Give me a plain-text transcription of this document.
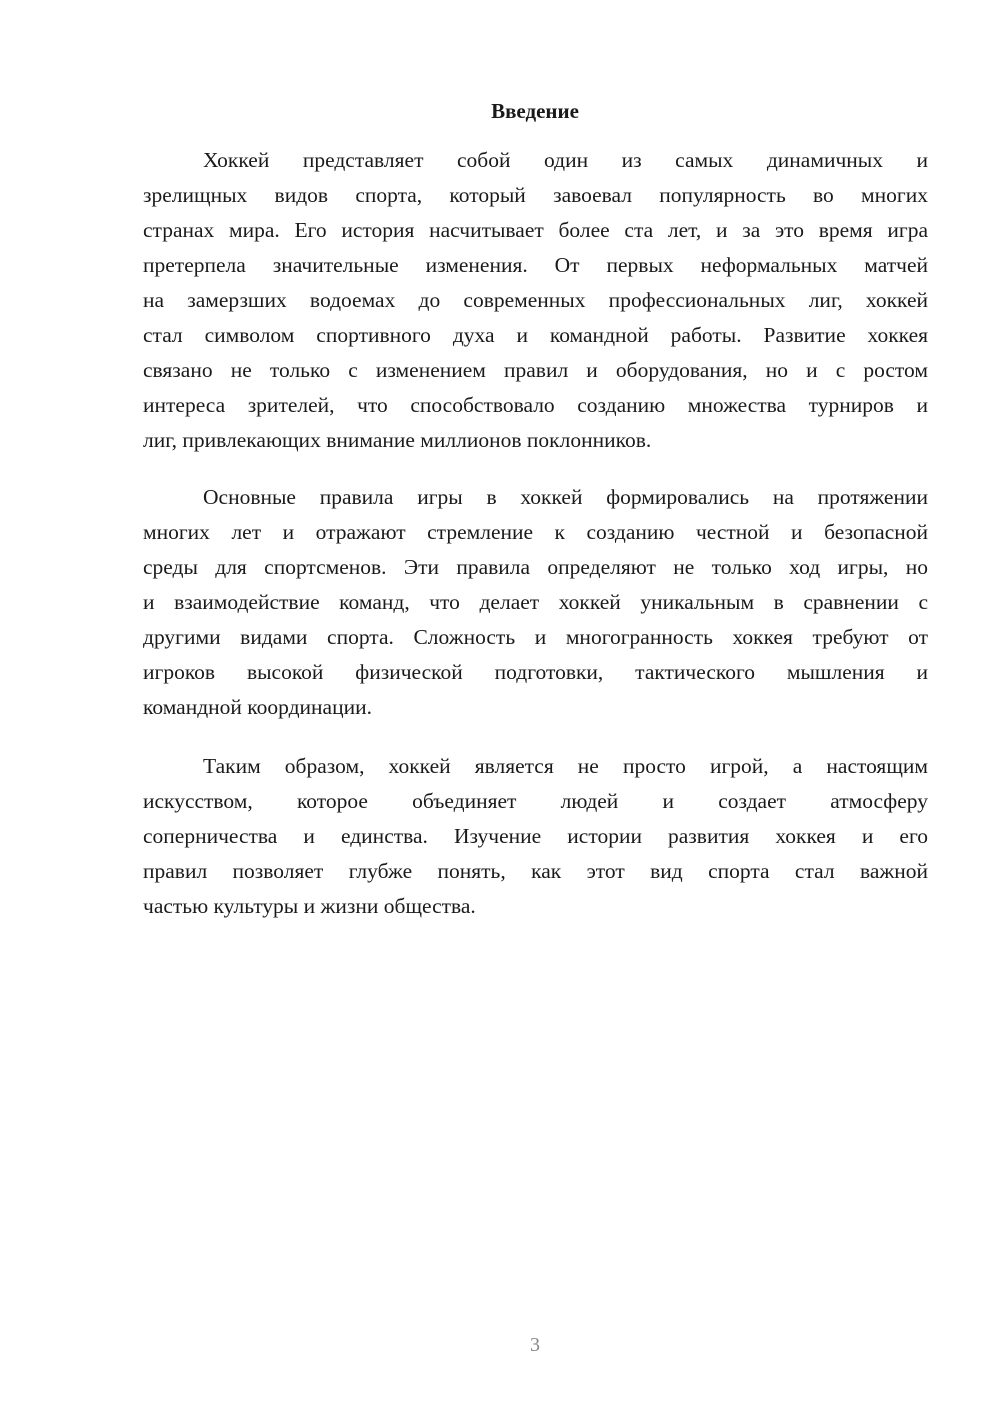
Введение
Хоккей представляет собой один из самых динамичных и
зрелищных видов спорта, который завоевал популярность во многих
странах мира. Его история насчитывает более ста лет, и за это время игра
претерпела значительные изменения. От первых неформальных матчей
на замерзших водоемах до современных профессиональных лиг, хоккей
стал символом спортивного духа и командной работы. Развитие хоккея
связано не только с изменением правил и оборудования, но и с ростом
интереса зрителей, что способствовало созданию множества турниров и
лиг, привлекающих внимание миллионов поклонников.
Основные правила игры в хоккей формировались на протяжении
многих лет и отражают стремление к созданию честной и безопасной
среды для спортсменов. Эти правила определяют не только ход игры, но
и взаимодействие команд, что делает хоккей уникальным в сравнении с
другими видами спорта. Сложность и многогранность хоккея требуют от
игроков высокой физической подготовки, тактического мышления и
командной координации.
Таким образом, хоккей является не просто игрой, а настоящим
искусством, которое объединяет людей и создает атмосферу
соперничества и единства. Изучение истории развития хоккея и его
правил позволяет глубже понять, как этот вид спорта стал важной
частью культуры и жизни общества.
3
